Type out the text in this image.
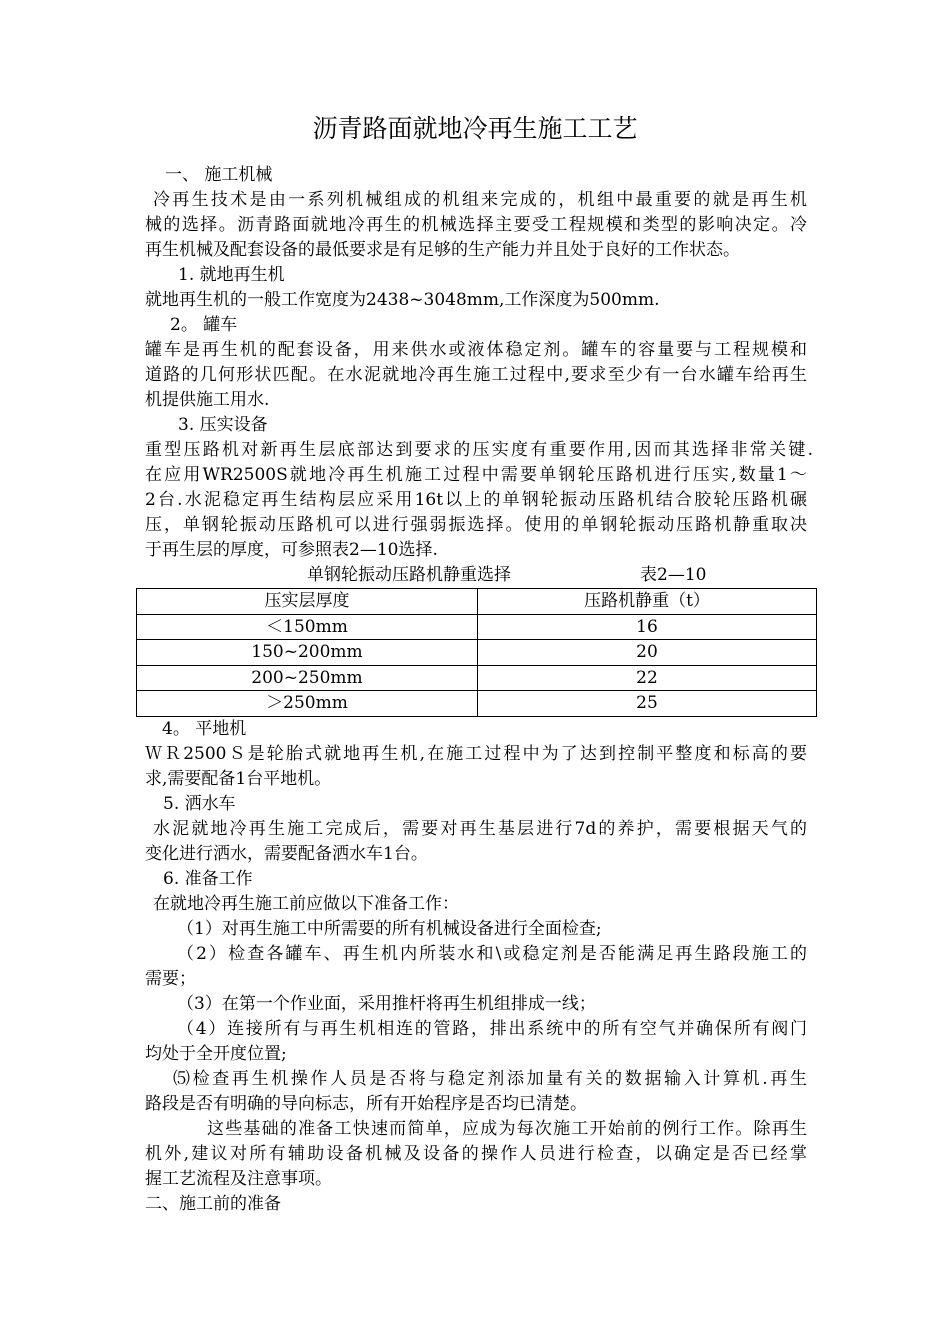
沥青路面就地冷再生施工工艺
一、 施工机械
冷再生技术是由一系列机械组成的机组来完成的，机组中最重要的就是再生机
械的选择。沥青路面就地冷再生的机械选择主要受工程规模和类型的影响决定。冷
再生机械及配套设备的最低要求是有足够的生产能力并且处于良好的工作状态。
1. 就地再生机
就地再生机的一般工作宽度为2438~3048mm,工作深度为500mm.
2。 罐车
罐车是再生机的配套设备，用来供水或液体稳定剂。罐车的容量要与工程规模和
道路的几何形状匹配。在水泥就地冷再生施工过程中,要求至少有一台水罐车给再生
机提供施工用水.
3. 压实设备
重型压路机对新再生层底部达到要求的压实度有重要作用,因而其选择非常关键.
在应用WR2500S就地冷再生机施工过程中需要单钢轮压路机进行压实,数量1～
2台.水泥稳定再生结构层应采用16t以上的单钢轮振动压路机结合胶轮压路机碾
压，单钢轮振动压路机可以进行强弱振选择。使用的单钢轮振动压路机静重取决
于再生层的厚度，可参照表2—10选择.
单钢轮振动压路机静重选择	表2—10
压实层厚度	压路机静重（t）
＜150mm	16
150~200mm	20
200~250mm	22
＞250mm	25
4。 平地机
ＷＲ2500Ｓ是轮胎式就地再生机,在施工过程中为了达到控制平整度和标高的要
求,需要配备1台平地机。
5. 洒水车
水泥就地冷再生施工完成后，需要对再生基层进行7d的养护，需要根据天气的
变化进行洒水，需要配备洒水车1台。
6. 准备工作
在就地冷再生施工前应做以下准备工作：
（1）对再生施工中所需要的所有机械设备进行全面检查;
（2）检查各罐车、再生机内所装水和\或稳定剂是否能满足再生路段施工的
需要；
（3）在第一个作业面，采用推杆将再生机组排成一线；
（4）连接所有与再生机相连的管路，排出系统中的所有空气并确保所有阀门
均处于全开度位置;
⑸检查再生机操作人员是否将与稳定剂添加量有关的数据输入计算机.再生
路段是否有明确的导向标志，所有开始程序是否均已清楚。
这些基础的准备工快速而简单，应成为每次施工开始前的例行工作。除再生
机外,建议对所有辅助设备机械及设备的操作人员进行检查，以确定是否已经掌
握工艺流程及注意事项。
二、施工前的准备
